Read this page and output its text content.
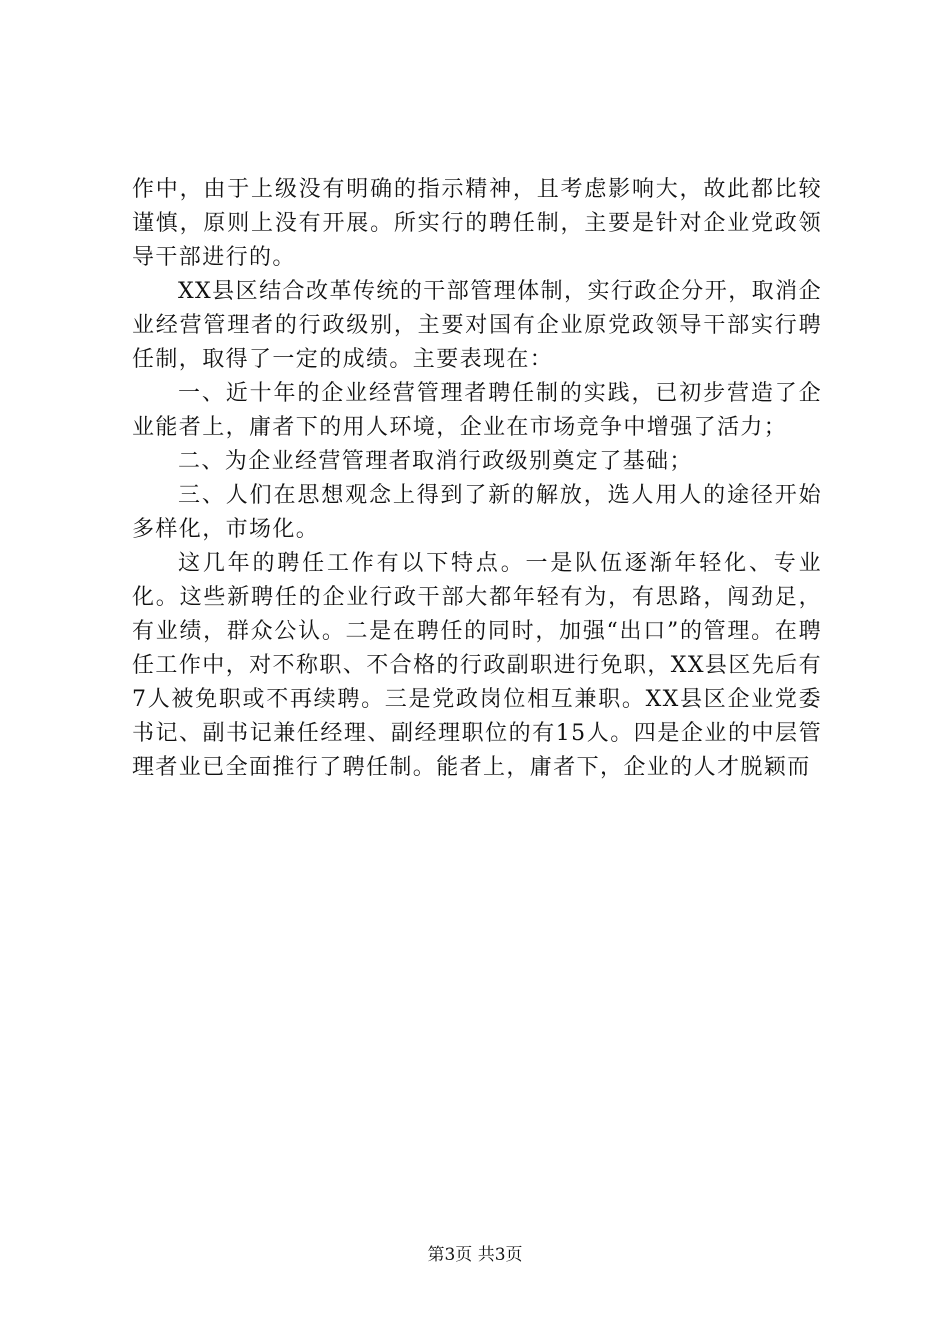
作中，由于上级没有明确的指示精神，且考虑影响大，故此都比较谨慎，原则上没有开展。所实行的聘任制，主要是针对企业党政领导干部进行的。

XX县区结合改革传统的干部管理体制，实行政企分开，取消企业经营管理者的行政级别，主要对国有企业原党政领导干部实行聘任制，取得了一定的成绩。主要表现在：

一、近十年的企业经营管理者聘任制的实践，已初步营造了企业能者上，庸者下的用人环境，企业在市场竞争中增强了活力；

二、为企业经营管理者取消行政级别奠定了基础；

三、人们在思想观念上得到了新的解放，选人用人的途径开始多样化，市场化。

这几年的聘任工作有以下特点。一是队伍逐渐年轻化、专业化。这些新聘任的企业行政干部大都年轻有为，有思路，闯劲足，有业绩，群众公认。二是在聘任的同时，加强“出口”的管理。在聘任工作中，对不称职、不合格的行政副职进行免职，XX县区先后有7人被免职或不再续聘。三是党政岗位相互兼职。XX县区企业党委书记、副书记兼任经理、副经理职位的有15人。四是企业的中层管理者业已全面推行了聘任制。能者上，庸者下，企业的人才脱颖而

第3页 共3页
